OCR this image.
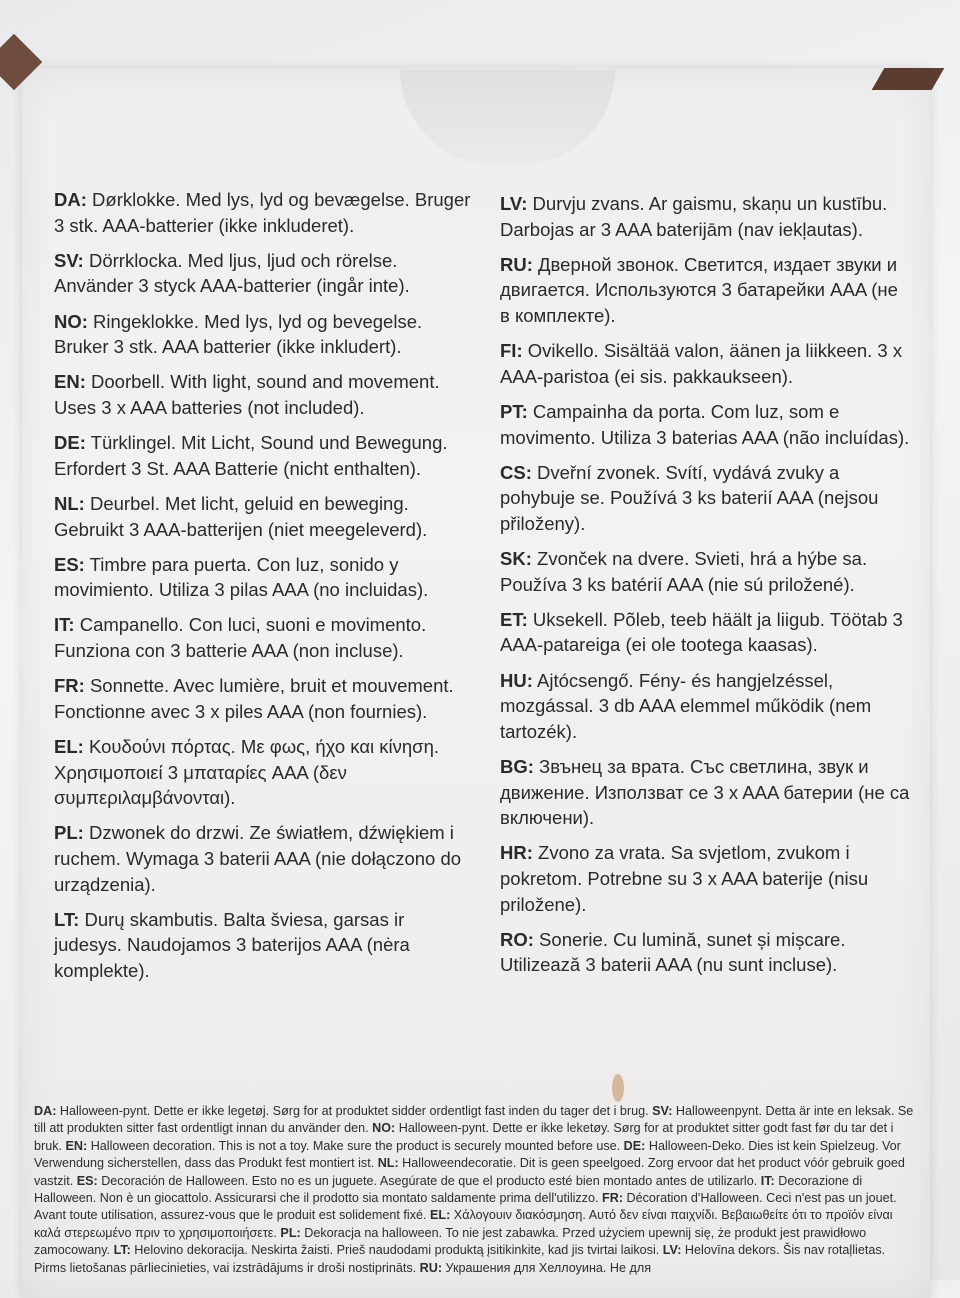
DA: Dørklokke. Med lys, lyd og bevægelse. Bruger 3 stk. AAA-batterier (ikke inkluderet).

SV: Dörrklocka. Med ljus, ljud och rörelse. Använder 3 styck AAA-batterier (ingår inte).

NO: Ringeklokke. Med lys, lyd og bevegelse. Bruker 3 stk. AAA batterier (ikke inkludert).

EN: Doorbell. With light, sound and movement. Uses 3 x AAA batteries (not included).

DE: Türklingel. Mit Licht, Sound und Bewegung. Erfordert 3 St. AAA Batterie (nicht enthalten).

NL: Deurbel. Met licht, geluid en beweging. Gebruikt 3 AAA-batterijen (niet meegeleverd).

ES: Timbre para puerta. Con luz, sonido y movimiento. Utiliza 3 pilas AAA (no incluidas).

IT: Campanello. Con luci, suoni e movimento. Funziona con 3 batterie AAA (non incluse).

FR: Sonnette. Avec lumière, bruit et mouvement. Fonctionne avec 3 x piles AAA (non fournies).

EL: Κουδούνι πόρτας. Με φως, ήχο και κίνηση. Χρησιμοποιεί 3 μπαταρίες AAA (δεν συμπεριλαμβάνονται).

PL: Dzwonek do drzwi. Ze światłem, dźwiękiem i ruchem. Wymaga 3 baterii AAA (nie dołączono do urządzenia).

LT: Durų skambutis. Balta šviesa, garsas ir judesys. Naudojamos 3 baterijos AAA (nėra komplekte).

LV: Durvju zvans. Ar gaismu, skaņu un kustību. Darbojas ar 3 AAA baterijām (nav iekļautas).

RU: Дверной звонок. Светится, издает звуки и двигается. Используются 3 батарейки AAA (не в комплекте).

FI: Ovikello. Sisältää valon, äänen ja liikkeen. 3 x AAA-paristoa (ei sis. pakkaukseen).

PT: Campainha da porta. Com luz, som e movimento. Utiliza 3 baterias AAA (não incluídas).

CS: Dveřní zvonek. Svítí, vydává zvuky a pohybuje se. Používá 3 ks baterií AAA (nejsou přiloženy).

SK: Zvonček na dvere. Svieti, hrá a hýbe sa. Používa 3 ks batérií AAA (nie sú priložené).

ET: Uksekell. Põleb, teeb häält ja liigub. Töötab 3 AAA-patareiga (ei ole tootega kaasas).

HU: Ajtócsengő. Fény- és hangjelzéssel, mozgással. 3 db AAA elemmel működik (nem tartozék).

BG: Звънец за врата. Със светлина, звук и движение. Използват се 3 x AAA батерии (не са включени).

HR: Zvono za vrata. Sa svjetlom, zvukom i pokretom. Potrebne su 3 x AAA baterije (nisu priložene).

RO: Sonerie. Cu lumină, sunet și mișcare. Utilizează 3 baterii AAA (nu sunt incluse).

DA: Halloween-pynt. Dette er ikke legetøj. Sørg for at produktet sidder ordentligt fast inden du tager det i brug. SV: Halloweenpynt. Detta är inte en leksak. Se till att produkten sitter fast ordentligt innan du använder den. NO: Halloween-pynt. Dette er ikke leketøy. Sørg for at produktet sitter godt fast før du tar det i bruk. EN: Halloween decoration. This is not a toy. Make sure the product is securely mounted before use. DE: Halloween-Deko. Dies ist kein Spielzeug. Vor Verwendung sicherstellen, dass das Produkt fest montiert ist. NL: Halloweendecoratie. Dit is geen speelgoed. Zorg ervoor dat het product vóór gebruik goed vastzit. ES: Decoración de Halloween. Esto no es un juguete. Asegúrate de que el producto esté bien montado antes de utilizarlo. IT: Decorazione di Halloween. Non è un giocattolo. Assicurarsi che il prodotto sia montato saldamente prima dell'utilizzo. FR: Décoration d'Halloween. Ceci n'est pas un jouet. Avant toute utilisation, assurez-vous que le produit est solidement fixé. EL: Χάλογουιν διακόσμηση. Αυτό δεν είναι παιχνίδι. Βεβαιωθείτε ότι το προϊόν είναι καλά στερεωμένο πριν το χρησιμοποιήσετε. PL: Dekoracja na halloween. To nie jest zabawka. Przed użyciem upewnij się, że produkt jest prawidłowo zamocowany. LT: Helovino dekoracija. Neskirta žaisti. Prieš naudodami produktą įsitikinkite, kad jis tvirtai laikosi. LV: Helovīna dekors. Šis nav rotaļlietas. Pirms lietošanas pārliecinieties, vai izstrādājums ir droši nostiprināts. RU: Украшения для Хеллоуина. Не для
